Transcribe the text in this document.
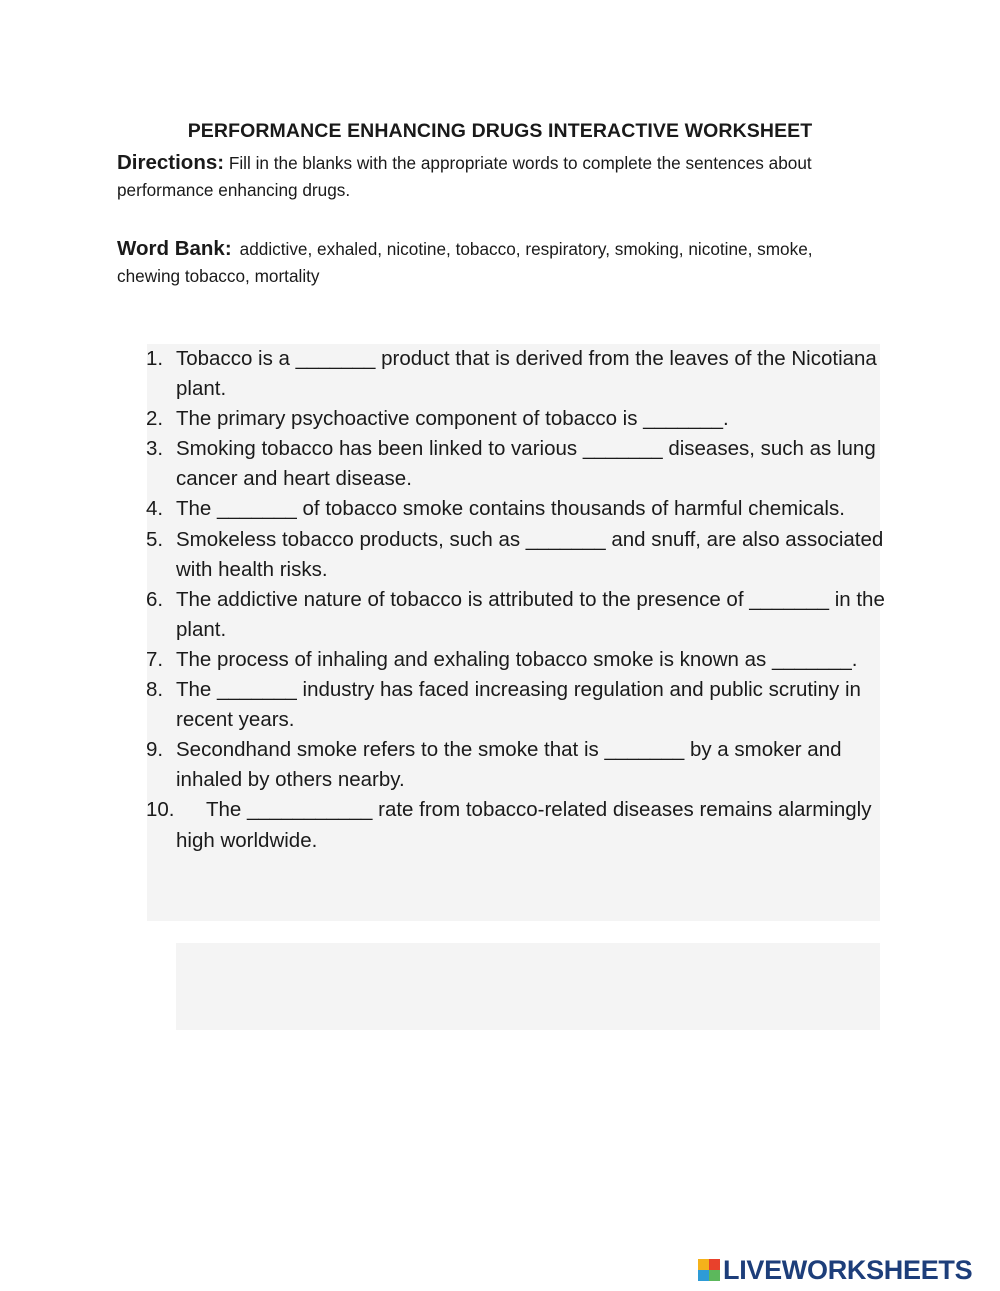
PERFORMANCE ENHANCING DRUGS INTERACTIVE WORKSHEET

Directions: Fill in the blanks with the appropriate words to complete the sentences about performance enhancing drugs.

Word Bank: addictive, exhaled, nicotine, tobacco, respiratory, smoking, nicotine, smoke, chewing tobacco, mortality

1. Tobacco is a _______ product that is derived from the leaves of the Nicotiana plant.
2. The primary psychoactive component of tobacco is _______.
3. Smoking tobacco has been linked to various _______ diseases, such as lung cancer and heart disease.
4. The _______ of tobacco smoke contains thousands of harmful chemicals.
5. Smokeless tobacco products, such as _______ and snuff, are also associated with health risks.
6. The addictive nature of tobacco is attributed to the presence of _______ in the plant.
7. The process of inhaling and exhaling tobacco smoke is known as _______.
8. The _______ industry has faced increasing regulation and public scrutiny in recent years.
9. Secondhand smoke refers to the smoke that is _______ by a smoker and inhaled by others nearby.
10.	The ___________ rate from tobacco-related diseases remains alarmingly high worldwide.
LIVEWORKSHEETS
